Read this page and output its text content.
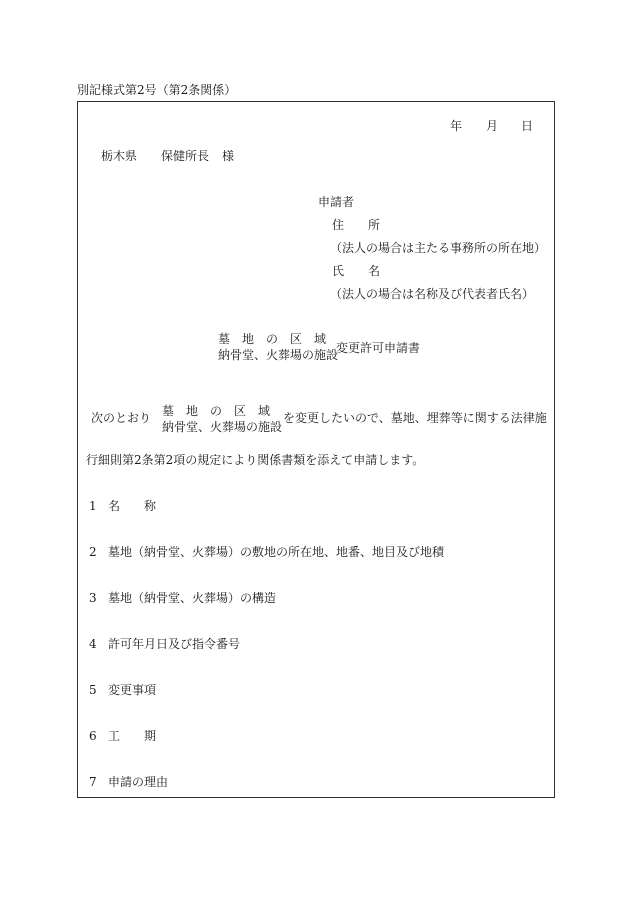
別記様式第2号（第2条関係）
年 月 日
栃木県 保健所長 様
申請者
住　　所
（法人の場合は主たる事務所の所在地）
氏　　名
（法人の場合は名称及び代表者氏名）
墓　地　の　区　域
納骨堂、火葬場の施設
変更許可申請書
次のとおり 墓　地　の　区　域
納骨堂、火葬場の施設
を変更したいので、墓地、埋葬等に関する法律施
行細則第2条第2項の規定により関係書類を添えて申請します。
1 名　　称
2 墓地（納骨堂、火葬場）の敷地の所在地、地番、地目及び地積
3 墓地（納骨堂、火葬場）の構造
4 許可年月日及び指令番号
5 変更事項
6 工　　期
7 申請の理由
